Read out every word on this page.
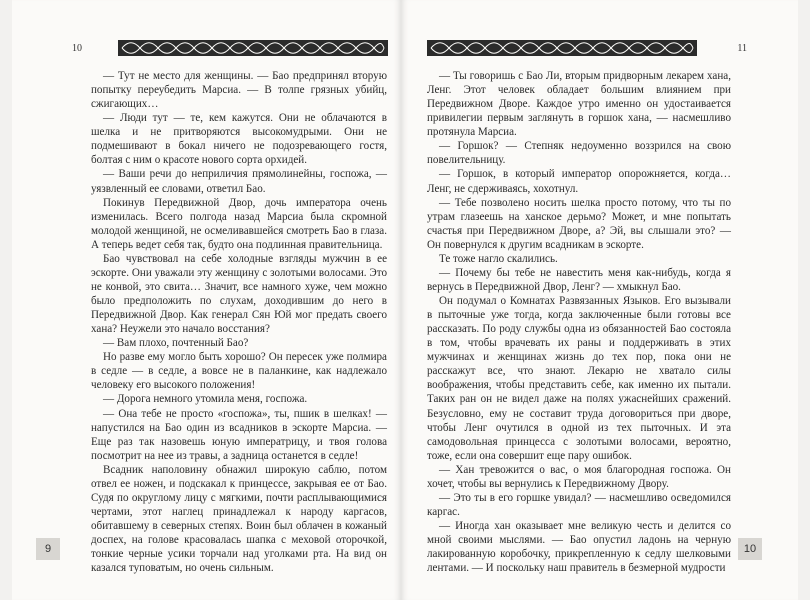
10

— Тут не место для женщины. — Бао предпринял вторую попытку переубедить Марсиа. — В толпе грязных убийц, сжигающих…

— Люди тут — те, кем кажутся. Они не облачаются в шелка и не притворяются высокомудрыми. Они не подмешивают в бокал ничего не подозревающего гостя, болтая с ним о красоте нового сорта орхидей.

— Ваши речи до неприличия прямолинейны, госпожа, — уязвленный ее словами, ответил Бао.

Покинув Передвижной Двор, дочь императора очень изменилась. Всего полгода назад Марсиа была скромной молодой женщиной, не осмеливавшейся смотреть Бао в глаза. А теперь ведет себя так, будто она подлинная правительница.

Бао чувствовал на себе холодные взгляды мужчин в ее эскорте. Они уважали эту женщину с золотыми волосами. Это не конвой, это свита… Значит, все намного хуже, чем можно было предположить по слухам, доходившим до него в Передвижной Двор. Как генерал Сян Юй мог предать своего хана? Неужели это начало восстания?

— Вам плохо, почтенный Бао?

Но разве ему могло быть хорошо? Он пересек уже полмира в седле — в седле, а вовсе не в паланкине, как надлежало человеку его высокого положения!

— Дорога немного утомила меня, госпожа.

— Она тебе не просто «госпожа», ты, пшик в шелках! — напустился на Бао один из всадников в эскорте Марсиа. — Еще раз так назовешь юную императрицу, и твоя голова посмотрит на нее из травы, а задница останется в седле!

Всадник наполовину обнажил широкую саблю, потом отвел ее ножен, и подскакал к принцессе, закрывая ее от Бао. Судя по округлому лицу с мягкими, почти расплывающимися чертами, этот наглец принадлежал к народу каргасов, обитавшему в северных степях. Воин был облачен в кожаный доспех, на голове красовалась шапка с меховой оторочкой, тонкие черные усики торчали над уголками рта. На вид он казался туповатым, но очень сильным.

11

— Ты говоришь с Бао Ли, вторым придворным лекарем хана, Ленг. Этот человек обладает большим влиянием при Передвижном Дворе. Каждое утро именно он удостаивается привилегии первым заглянуть в горшок хана, — насмешливо протянула Марсиа.

— Горшок? — Степняк недоуменно воззрился на свою повелительницу.

— Горшок, в который император опорожняется, когда… Ленг, не сдерживаясь, хохотнул.

— Тебе позволено носить шелка просто потому, что ты по утрам глазеешь на ханское дерьмо? Может, и мне попытать счастья при Передвижном Дворе, а? Эй, вы слышали это? — Он повернулся к другим всадникам в эскорте.

Те тоже нагло скалились.

— Почему бы тебе не навестить меня как-нибудь, когда я вернусь в Передвижной Двор, Ленг? — хмыкнул Бао.

Он подумал о Комнатах Развязанных Языков. Его вызывали в пыточные уже тогда, когда заключенные были готовы все рассказать. По роду службы одна из обязанностей Бао состояла в том, чтобы врачевать их раны и поддерживать в этих мужчинах и женщинах жизнь до тех пор, пока они не расскажут все, что знают. Лекарю не хватало силы воображения, чтобы представить себе, как именно их пытали. Таких ран он не видел даже на полях ужаснейших сражений. Безусловно, ему не составит труда договориться при дворе, чтобы Ленг очутился в одной из тех пыточных. И эта самодовольная принцесса с золотыми волосами, вероятно, тоже, если она совершит еще пару ошибок.

— Хан тревожится о вас, о моя благородная госпожа. Он хочет, чтобы вы вернулись к Передвижному Двору.

— Это ты в его горшке увидал? — насмешливо осведомился каргас.

— Иногда хан оказывает мне великую честь и делится со мной своими мыслями. — Бао опустил ладонь на черную лакированную коробочку, прикрепленную к седлу шелковыми лентами. — И поскольку наш правитель в безмерной мудрости

9	10
